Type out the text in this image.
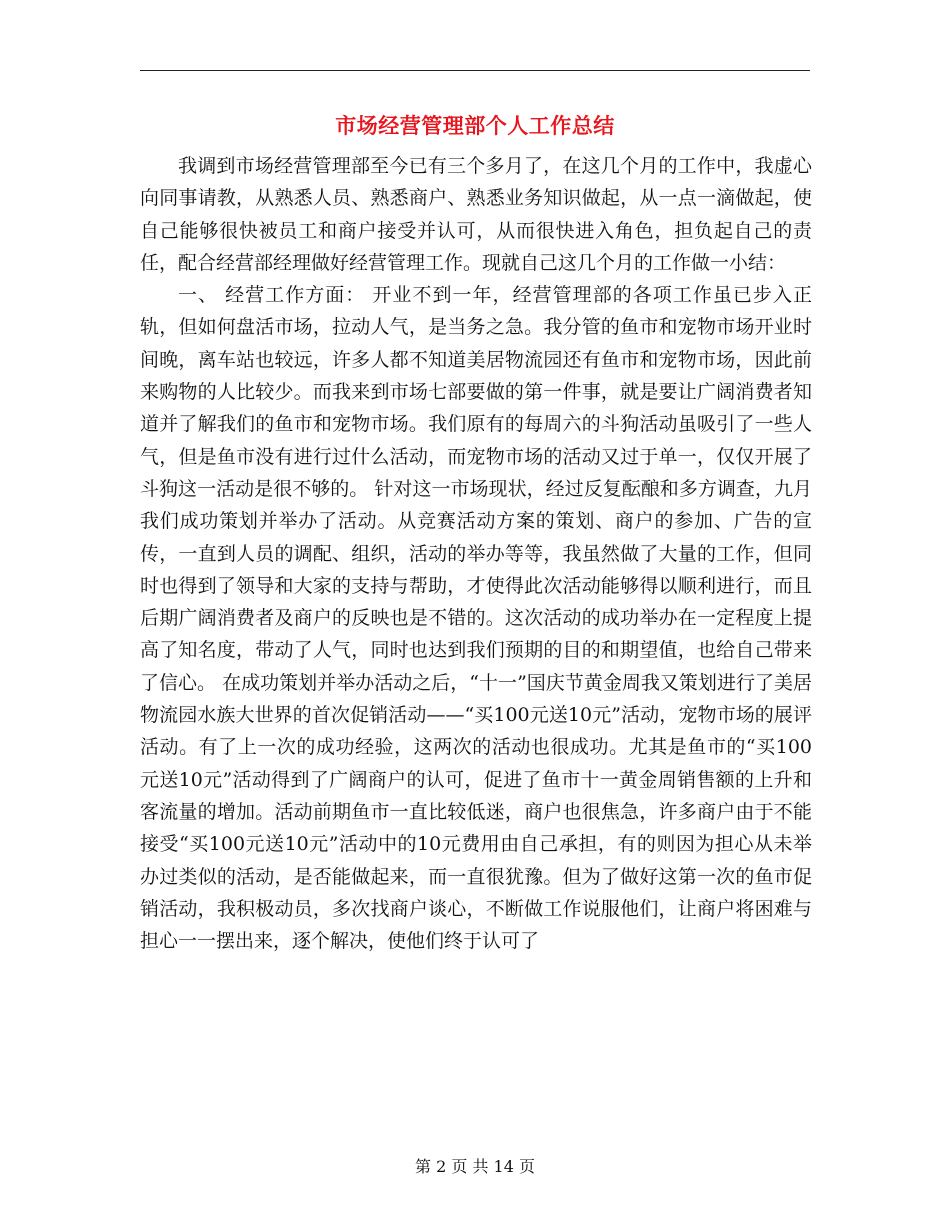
市场经营管理部个人工作总结

我调到市场经营管理部至今已有三个多月了，在这几个月的工作中，我虚心向同事请教，从熟悉人员、熟悉商户、熟悉业务知识做起，从一点一滴做起，使自己能够很快被员工和商户接受并认可，从而很快进入角色，担负起自己的责任，配合经营部经理做好经营管理工作。现就自己这几个月的工作做一小结：

一、 经营工作方面： 开业不到一年，经营管理部的各项工作虽已步入正轨，但如何盘活市场，拉动人气，是当务之急。我分管的鱼市和宠物市场开业时间晚，离车站也较远，许多人都不知道美居物流园还有鱼市和宠物市场，因此前来购物的人比较少。而我来到市场七部要做的第一件事，就是要让广阔消费者知道并了解我们的鱼市和宠物市场。我们原有的每周六的斗狗活动虽吸引了一些人气，但是鱼市没有进行过什么活动，而宠物市场的活动又过于单一，仅仅开展了斗狗这一活动是很不够的。 针对这一市场现状，经过反复酝酿和多方调查，九月我们成功策划并举办了活动。从竞赛活动方案的策划、商户的参加、广告的宣传，一直到人员的调配、组织，活动的举办等等，我虽然做了大量的工作，但同时也得到了领导和大家的支持与帮助，才使得此次活动能够得以顺利进行，而且后期广阔消费者及商户的反映也是不错的。这次活动的成功举办在一定程度上提高了知名度，带动了人气，同时也达到我们预期的目的和期望值，也给自己带来了信心。 在成功策划并举办活动之后，“十一”国庆节黄金周我又策划进行了美居物流园水族大世界的首次促销活动——“买100元送10元”活动，宠物市场的展评活动。有了上一次的成功经验，这两次的活动也很成功。尤其是鱼市的“买100元送10元”活动得到了广阔商户的认可，促进了鱼市十一黄金周销售额的上升和客流量的增加。活动前期鱼市一直比较低迷，商户也很焦急，许多商户由于不能接受“买100元送10元”活动中的10元费用由自己承担，有的则因为担心从未举办过类似的活动，是否能做起来，而一直很犹豫。但为了做好这第一次的鱼市促销活动，我积极动员，多次找商户谈心，不断做工作说服他们，让商户将困难与担心一一摆出来，逐个解决，使他们终于认可了

第 2 页 共 14 页
